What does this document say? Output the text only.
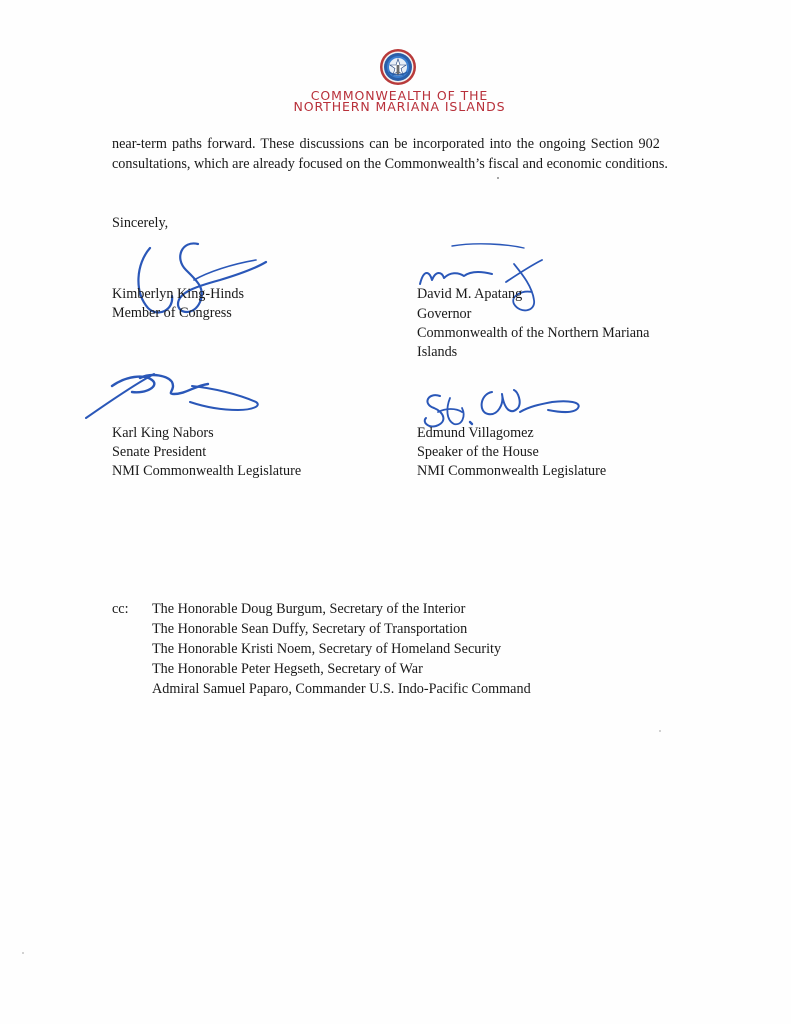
COMMONWEALTH OF THE
NORTHERN MARIANA ISLANDS
near-term paths forward. These discussions can be incorporated into the ongoing Section 902
consultations, which are already focused on the Commonwealth’s fiscal and economic conditions.
Sincerely,
Kimberlyn King-Hinds
Member of Congress
David M. Apatang
Governor
Commonwealth of the Northern Mariana
Islands
Karl King Nabors
Senate President
NMI Commonwealth Legislature
Edmund Villagomez
Speaker of the House
NMI Commonwealth Legislature
cc: The Honorable Doug Burgum, Secretary of the Interior
The Honorable Sean Duffy, Secretary of Transportation
The Honorable Kristi Noem, Secretary of Homeland Security
The Honorable Peter Hegseth, Secretary of War
Admiral Samuel Paparo, Commander U.S. Indo-Pacific Command
